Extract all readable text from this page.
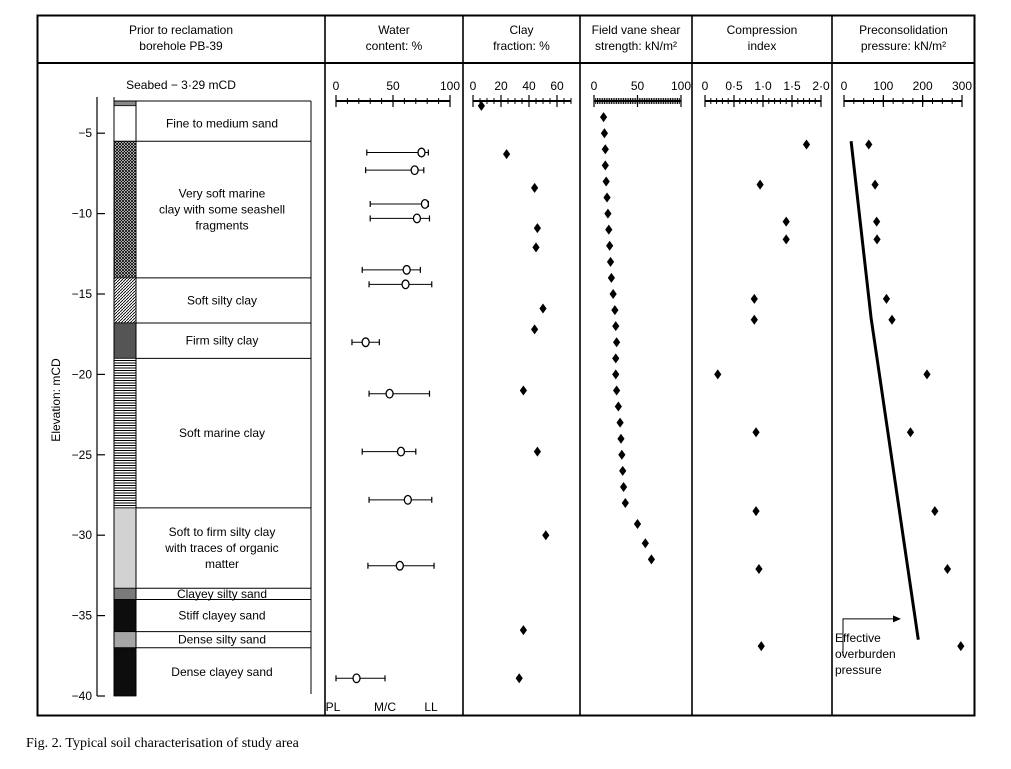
Prior to reclamation
borehole PB-39
Seabed − 3·29 mCD
Fine to medium sand
Very soft marine
clay with some seashell
fragments
Soft silty clay
Firm silty clay
Soft marine clay
Soft to firm silty clay
with traces of organic
matter
Clayey silty sand
Stiff clayey sand
Dense silty sand
Dense clayey sand
−5
−10
−15
−20
−25
−30
−35
−40
Elevation: mCD
Water
content: %
0	50	100
PL	M/C LL
Clay
fraction: %
0 20 40 60
Field vane shear
strength: kN/m²
0	50 100
Compression
index
0 0·5 1·0 1·5 2·0
Preconsolidation
pressure: kN/m²
0 100 200 300
Effective
overburden
pressure
Fig. 2. Typical soil characterisation of study area
